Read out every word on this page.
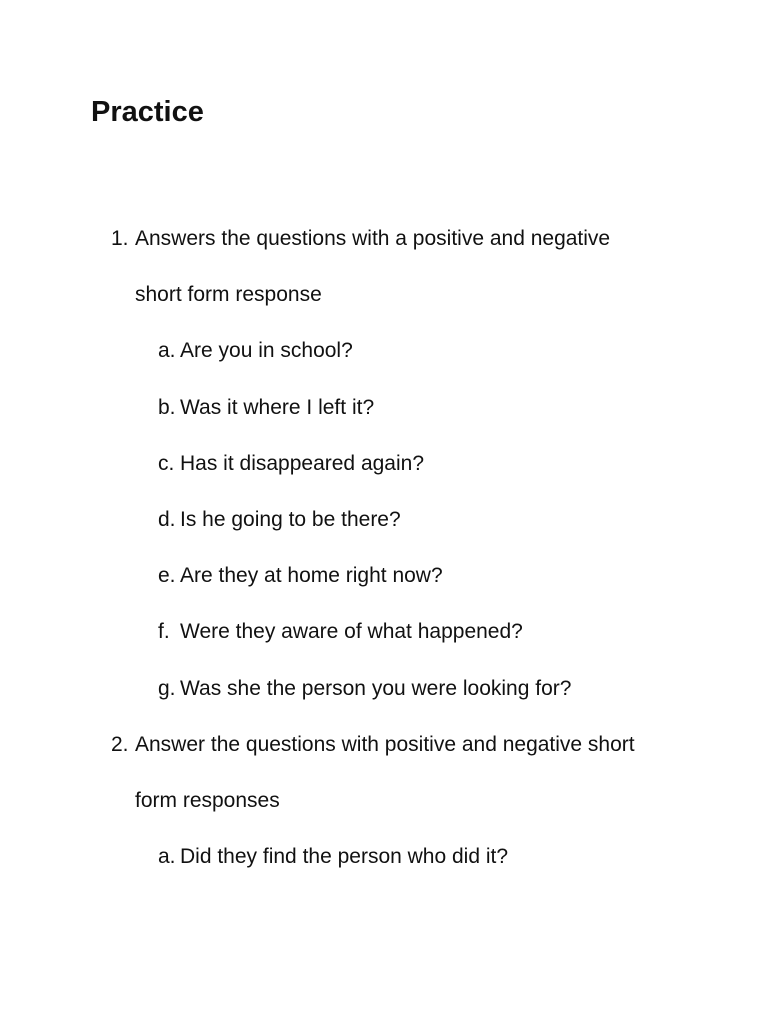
Practice
1. Answers the questions with a positive and negative
short form response
a. Are you in school?
b. Was it where I left it?
c. Has it disappeared again?
d. Is he going to be there?
e. Are they at home right now?
f. Were they aware of what happened?
g. Was she the person you were looking for?
2. Answer the questions with positive and negative short
form responses
a. Did they find the person who did it?
